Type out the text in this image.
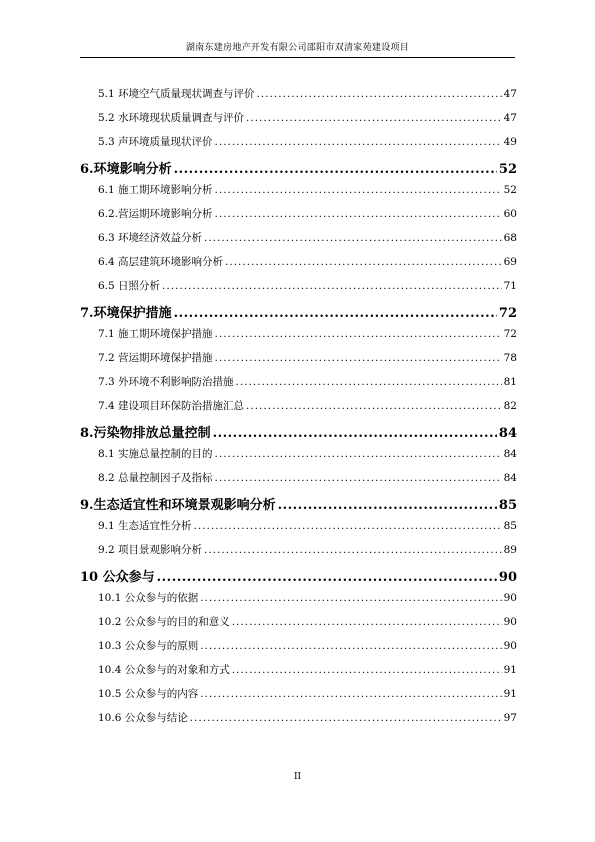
湖南东建房地产开发有限公司邵阳市双清家苑建设项目
5.1 环境空气质量现状调查与评价 .....	47
5.2 水环境现状质量调查与评价 .....	47
5.3 声环境质量现状评价 .....	49
6.环境影响分析 .....	52
6.1 施工期环境影响分析 .....	52
6.2.营运期环境影响分析 .....	60
6.3 环境经济效益分析 .....	68
6.4 高层建筑环境影响分析 .....	69
6.5 日照分析 .....	71
7.环境保护措施 .....	72
7.1 施工期环境保护措施 .....	72
7.2 营运期环境保护措施 .....	78
7.3 外环境不利影响防治措施 .....	81
7.4 建设项目环保防治措施汇总 .....	82
8.污染物排放总量控制 .....	84
8.1 实施总量控制的目的 .....	84
8.2 总量控制因子及指标 .....	84
9.生态适宜性和环境景观影响分析 .....	85
9.1 生态适宜性分析 .....	85
9.2 项目景观影响分析 .....	89
10 公众参与 .....	90
10.1 公众参与的依据 .....	90
10.2 公众参与的目的和意义 .....	90
10.3 公众参与的原则 .....	90
10.4 公众参与的对象和方式 .....	91
10.5 公众参与的内容 .....	91
10.6 公众参与结论 .....	97
II
